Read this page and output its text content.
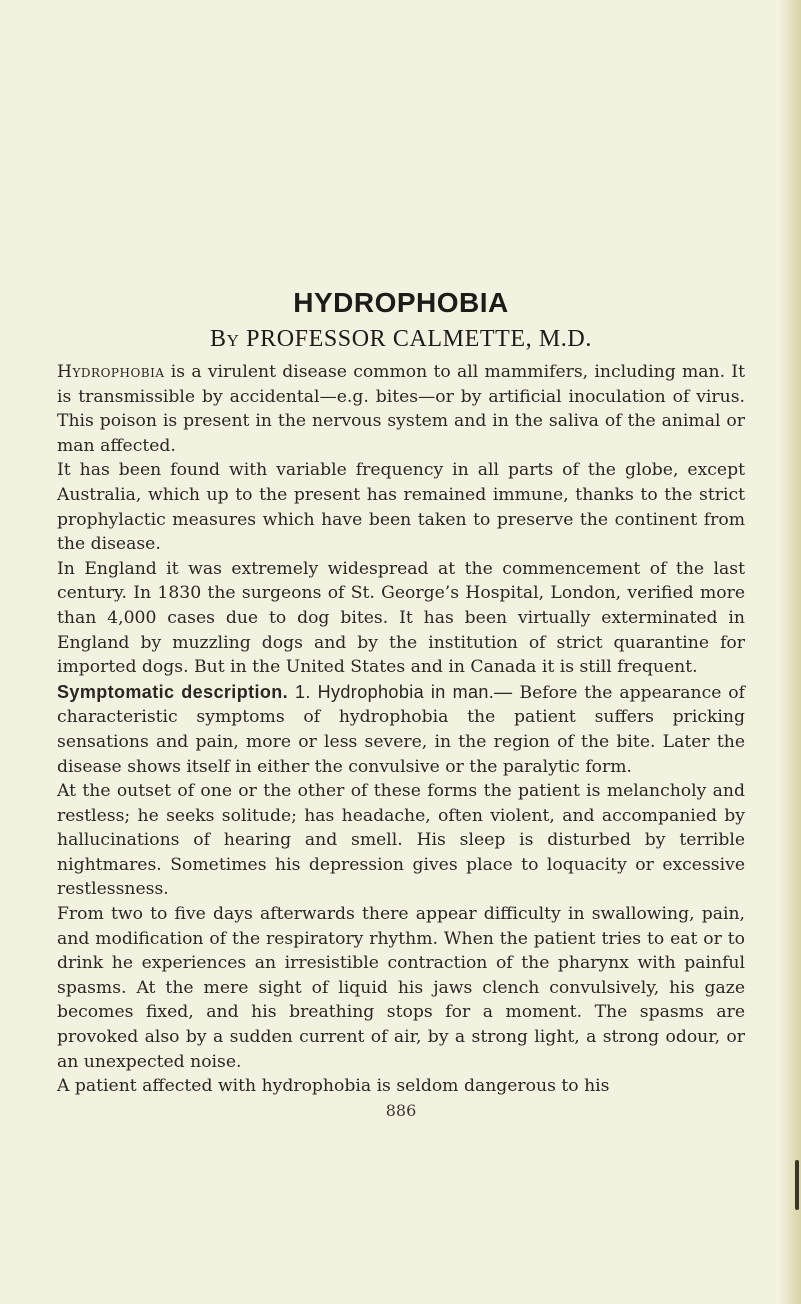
HYDROPHOBIA
By PROFESSOR CALMETTE, M.D.

Hydrophobia is a virulent disease common to all mammifers, including man. It is transmissible by accidental—e.g. bites—or by artificial inoculation of virus. This poison is present in the nervous system and in the saliva of the animal or man affected.

It has been found with variable frequency in all parts of the globe, except Australia, which up to the present has remained immune, thanks to the strict prophylactic measures which have been taken to preserve the continent from the disease.

In England it was extremely widespread at the commencement of the last century. In 1830 the surgeons of St. George’s Hospital, London, verified more than 4,000 cases due to dog bites. It has been virtually exterminated in England by muzzling dogs and by the institution of strict quarantine for imported dogs. But in the United States and in Canada it is still frequent.

Symptomatic description. 1. Hydrophobia in man.— Before the appearance of characteristic symptoms of hydrophobia the patient suffers pricking sensations and pain, more or less severe, in the region of the bite. Later the disease shows itself in either the convulsive or the paralytic form.

At the outset of one or the other of these forms the patient is melancholy and restless; he seeks solitude; has headache, often violent, and accompanied by hallucinations of hearing and smell. His sleep is disturbed by terrible nightmares. Sometimes his depression gives place to loquacity or excessive restlessness.

From two to five days afterwards there appear difficulty in swallowing, pain, and modification of the respiratory rhythm. When the patient tries to eat or to drink he experiences an irresistible contraction of the pharynx with painful spasms. At the mere sight of liquid his jaws clench convulsively, his gaze becomes fixed, and his breathing stops for a moment. The spasms are provoked also by a sudden current of air, by a strong light, a strong odour, or an unexpected noise.

A patient affected with hydrophobia is seldom dangerous to his

886
